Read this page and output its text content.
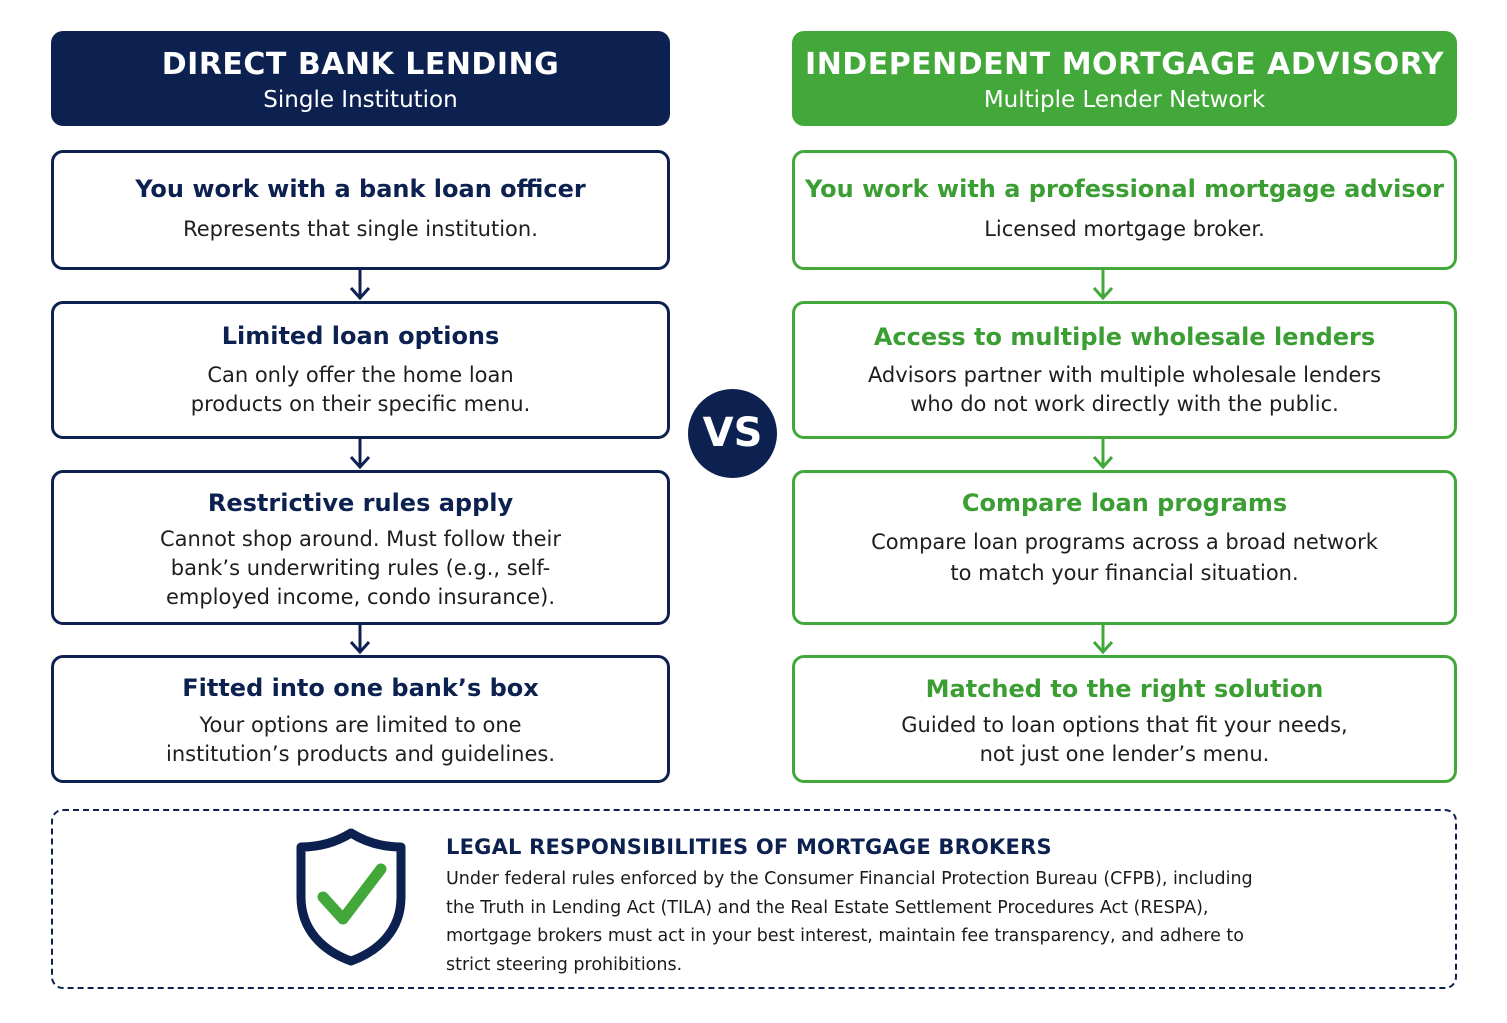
DIRECT BANK LENDING
Single Institution
You work with a bank loan officer
Represents that single institution.
Limited loan options
Can only offer the home loan
products on their specific menu.
Restrictive rules apply
Cannot shop around. Must follow their
bank’s underwriting rules (e.g., self-
employed income, condo insurance).
Fitted into one bank’s box
Your options are limited to one
institution’s products and guidelines.
VS
INDEPENDENT MORTGAGE ADVISORY
Multiple Lender Network
You work with a professional mortgage advisor
Licensed mortgage broker.
Access to multiple wholesale lenders
Advisors partner with multiple wholesale lenders
who do not work directly with the public.
Compare loan programs
Compare loan programs across a broad network
to match your financial situation.
Matched to the right solution
Guided to loan options that fit your needs,
not just one lender’s menu.
LEGAL RESPONSIBILITIES OF MORTGAGE BROKERS
Under federal rules enforced by the Consumer Financial Protection Bureau (CFPB), including
the Truth in Lending Act (TILA) and the Real Estate Settlement Procedures Act (RESPA),
mortgage brokers must act in your best interest, maintain fee transparency, and adhere to
strict steering prohibitions.
